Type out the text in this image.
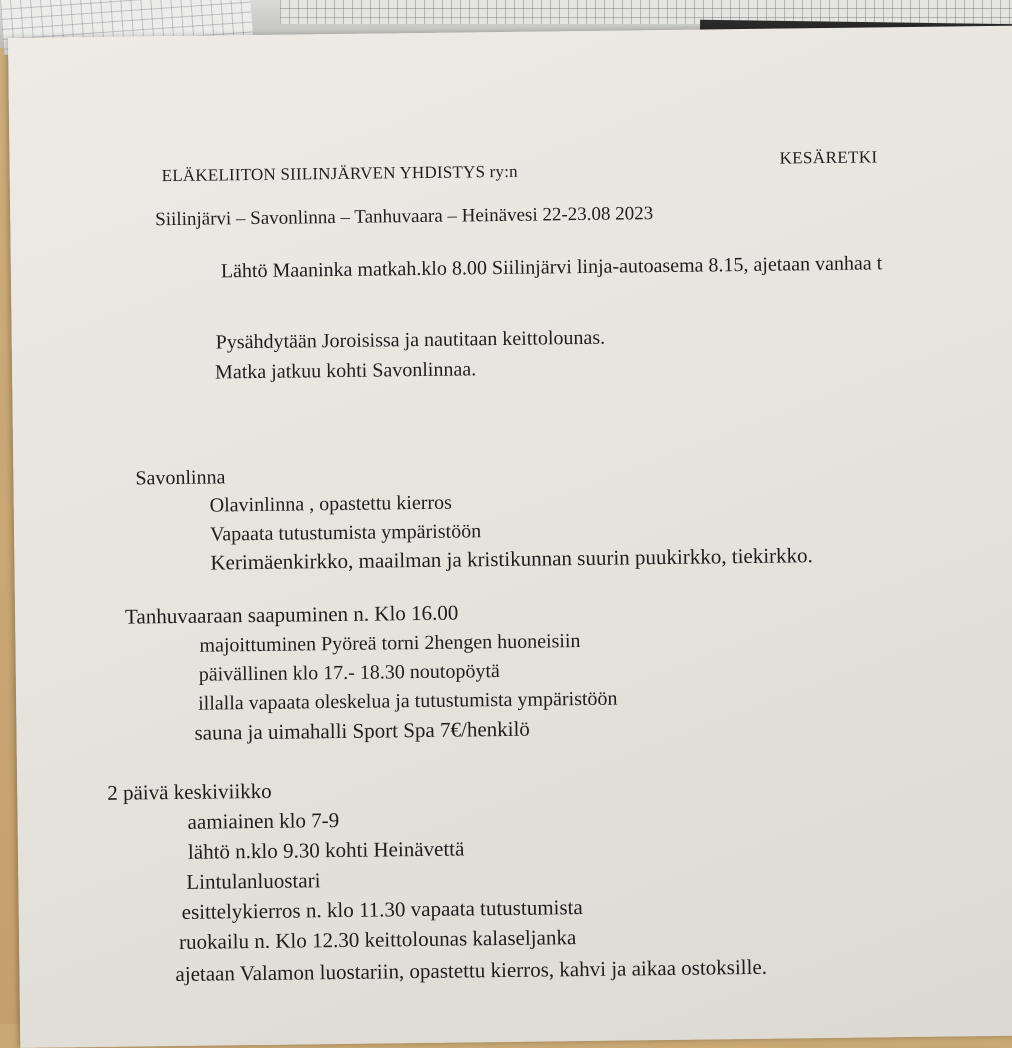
ELÄKELIITON SIILINJÄRVEN YHDISTYS ry:n
KESÄRETKI
Siilinjärvi – Savonlinna – Tanhuvaara – Heinävesi 22-23.08 2023
Lähtö Maaninka matkah.klo 8.00 Siilinjärvi linja-autoasema 8.15, ajetaan vanhaa t
Pysähdytään Joroisissa ja nautitaan keittolounas.
Matka jatkuu kohti Savonlinnaa.
Savonlinna
Olavinlinna , opastettu kierros
Vapaata tutustumista ympäristöön
Kerimäenkirkko, maailman ja kristikunnan suurin puukirkko, tiekirkko.
Tanhuvaaraan saapuminen n. Klo 16.00
majoittuminen Pyöreä torni 2hengen huoneisiin
päivällinen klo 17.- 18.30 noutopöytä
illalla vapaata oleskelua ja tutustumista ympäristöön
sauna ja uimahalli Sport Spa 7€/henkilö
2 päivä keskiviikko
aamiainen klo 7-9
lähtö n.klo 9.30 kohti Heinävettä
Lintulanluostari
esittelykierros n. klo 11.30 vapaata tutustumista
ruokailu n. Klo 12.30 keittolounas kalaseljanka
ajetaan Valamon luostariin, opastettu kierros, kahvi ja aikaa ostoksille.
